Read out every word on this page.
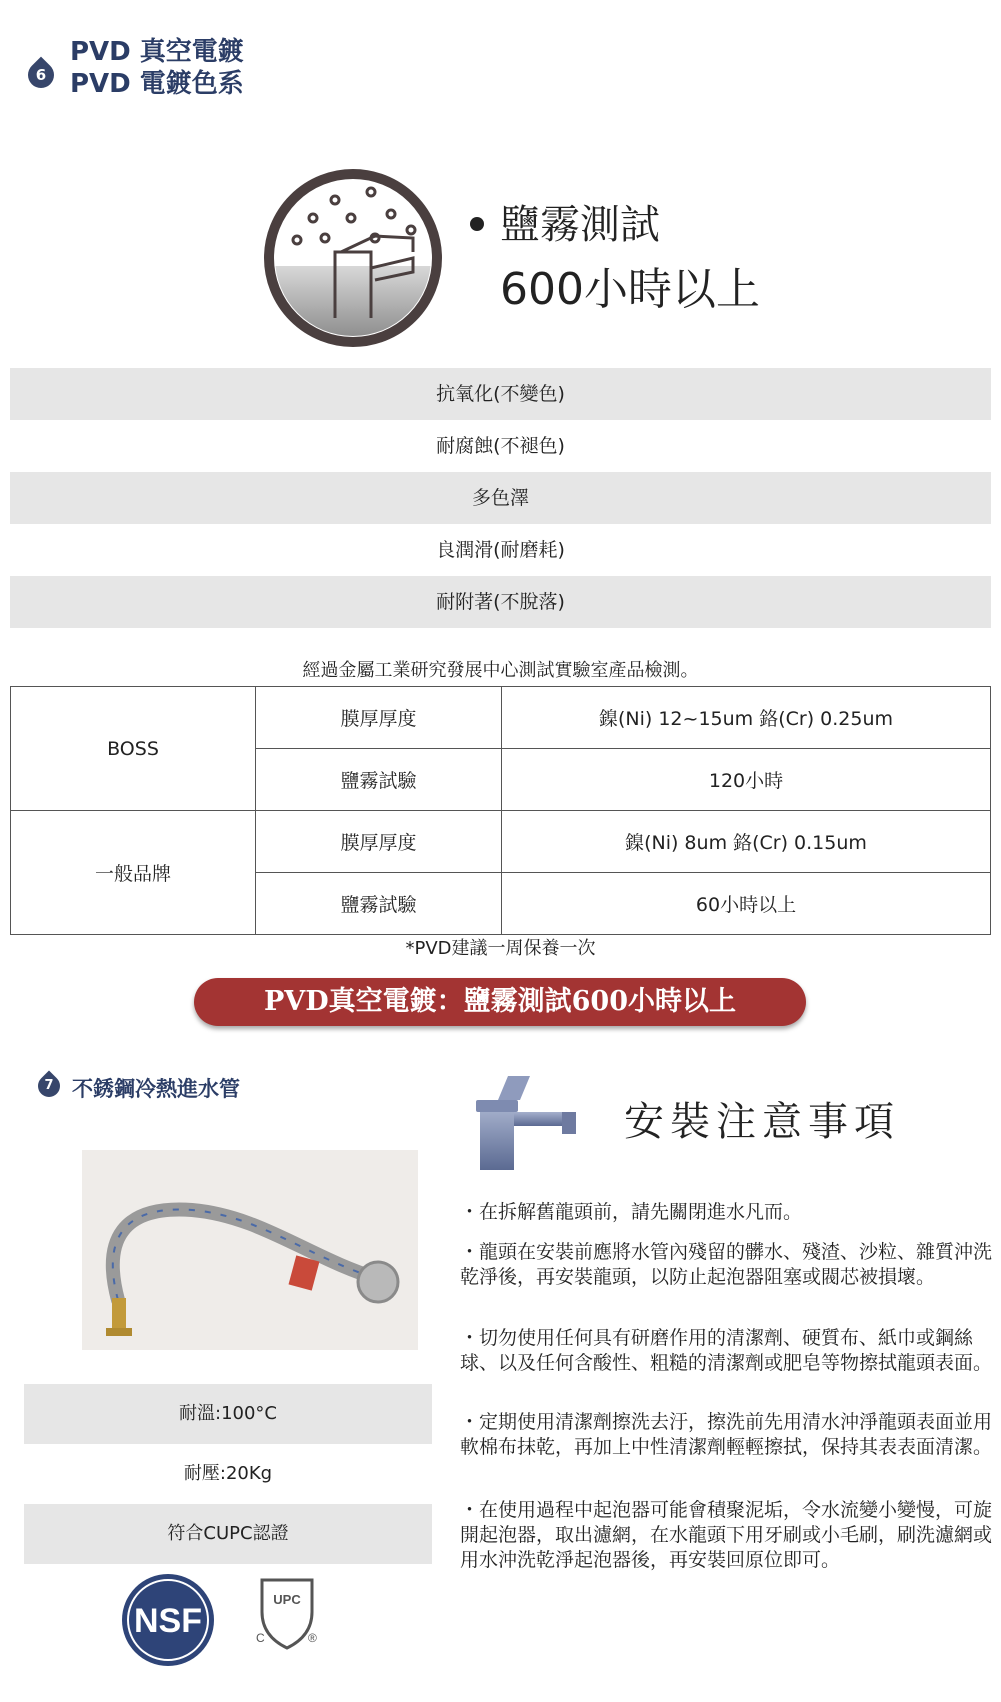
6
PVD 真空電鍍
PVD 電鍍色系
鹽霧測試
600小時以上
抗氧化(不變色)
耐腐蝕(不褪色)
多色澤
良潤滑(耐磨耗)
耐附著(不脫落)
經過金屬工業研究發展中心測試實驗室產品檢測。
BOSS	膜厚厚度	鎳(Ni) 12~15um 鉻(Cr) 0.25um
	鹽霧試驗	120小時
一般品牌	膜厚厚度	鎳(Ni) 8um 鉻(Cr) 0.15um
	鹽霧試驗	60小時以上
*PVD建議一周保養一次
PVD真空電鍍：鹽霧測試600小時以上
7 不銹鋼冷熱進水管
耐溫:100°C
耐壓:20Kg
符合CUPC認證
NSF
UPC
C	®
安裝注意事項
・在拆解舊龍頭前，請先關閉進水凡而。
・龍頭在安裝前應將水管內殘留的髒水、殘渣、沙粒、雜質沖洗乾淨後，再安裝龍頭，以防止起泡器阻塞或閥芯被損壞。
・切勿使用任何具有研磨作用的清潔劑、硬質布、紙巾或鋼絲球、以及任何含酸性、粗糙的清潔劑或肥皂等物擦拭龍頭表面。
・定期使用清潔劑擦洗去汙，擦洗前先用清水沖淨龍頭表面並用軟棉布抹乾，再加上中性清潔劑輕輕擦拭，保持其表表面清潔。
・在使用過程中起泡器可能會積聚泥垢，令水流變小變慢，可旋開起泡器，取出濾網，在水龍頭下用牙刷或小毛刷，刷洗濾網或用水沖洗乾淨起泡器後，再安裝回原位即可。
